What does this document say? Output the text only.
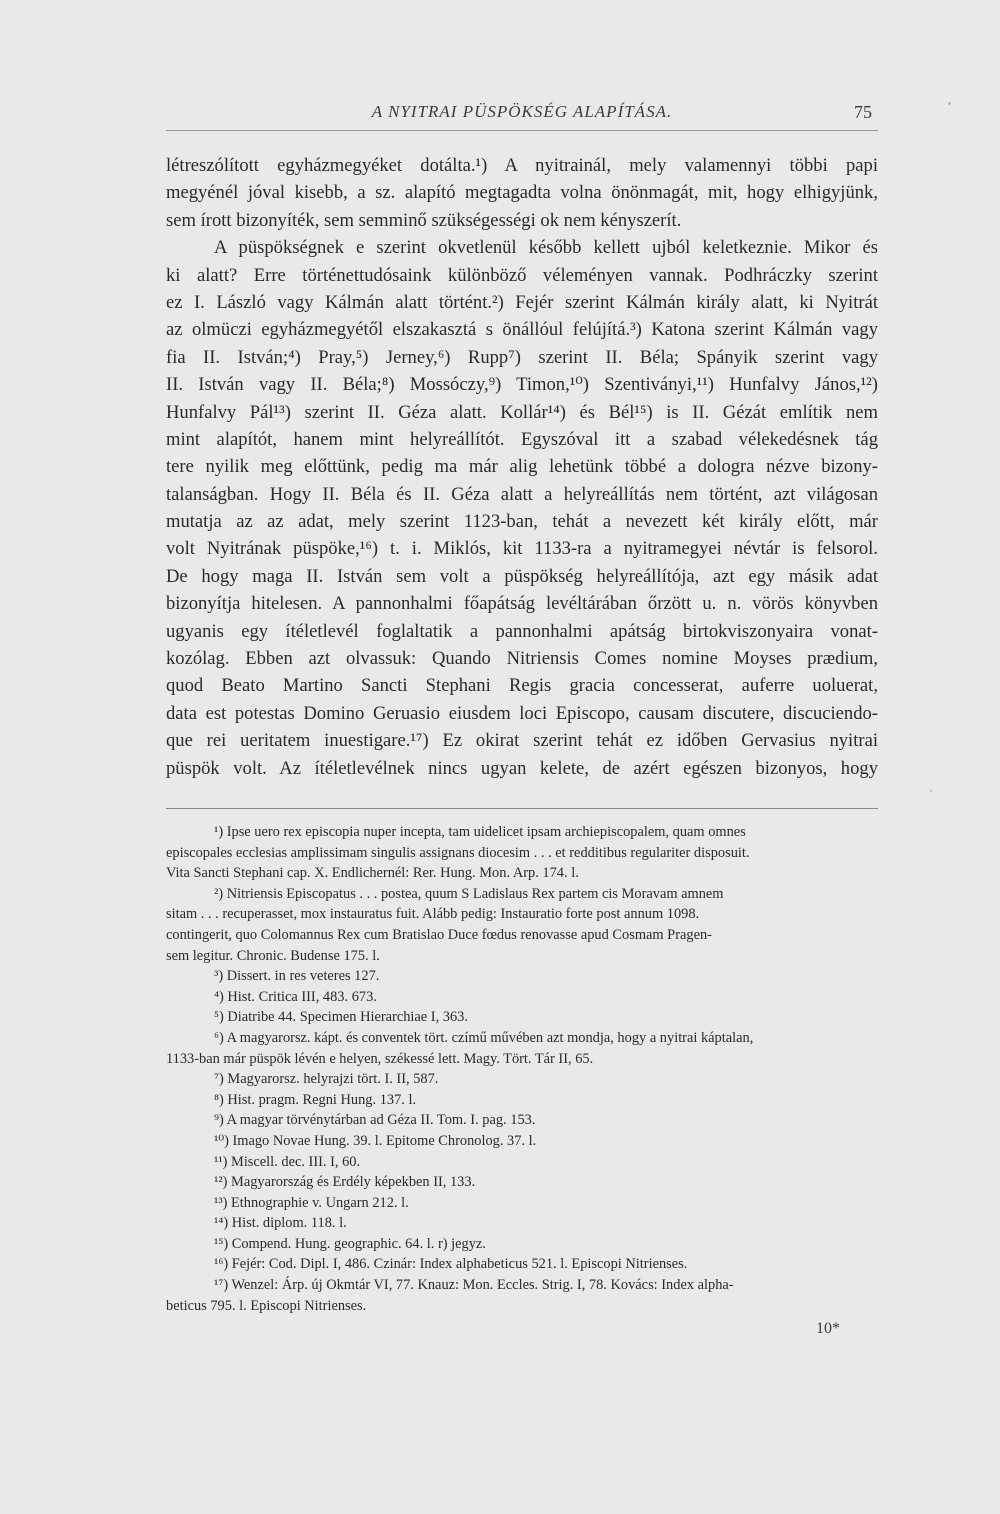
A NYITRAI PÜSPÖKSÉG ALAPÍTÁSA.	75
létreszólított egyházmegyéket dotálta.¹) A nyitrainál, mely valamennyi többi papi
megyénél jóval kisebb, a sz. alapító megtagadta volna önönmagát, mit, hogy elhigyjünk,
sem írott bizonyíték, sem semminő szükségességi ok nem kényszerít.
A püspökségnek e szerint okvetlenül később kellett ujból keletkeznie. Mikor és
ki alatt? Erre történettudósaink különböző véleményen vannak. Podhráczky szerint
ez I. László vagy Kálmán alatt történt.²) Fejér szerint Kálmán király alatt, ki Nyitrát
az olmüczi egyházmegyétől elszakasztá s önállóul felújítá.³) Katona szerint Kálmán vagy
fia II. István;⁴) Pray,⁵) Jerney,⁶) Rupp⁷) szerint II. Béla; Spányik szerint vagy
II. István vagy II. Béla;⁸) Mossóczy,⁹) Timon,¹⁰) Szentiványi,¹¹) Hunfalvy János,¹²)
Hunfalvy Pál¹³) szerint II. Géza alatt. Kollár¹⁴) és Bél¹⁵) is II. Gézát említik nem
mint alapítót, hanem mint helyreállítót. Egyszóval itt a szabad vélekedésnek tág
tere nyilik meg előttünk, pedig ma már alig lehetünk többé a dologra nézve bizony-
talanságban. Hogy II. Béla és II. Géza alatt a helyreállítás nem történt, azt világosan
mutatja az az adat, mely szerint 1123-ban, tehát a nevezett két király előtt, már
volt Nyitrának püspöke,¹⁶) t. i. Miklós, kit 1133-ra a nyitramegyei névtár is felsorol.
De hogy maga II. István sem volt a püspökség helyreállítója, azt egy másik adat
bizonyítja hitelesen. A pannonhalmi főapátság levéltárában őrzött u. n. vörös könyvben
ugyanis egy ítéletlevél foglaltatik a pannonhalmi apátság birtokviszonyaira vonat-
kozólag. Ebben azt olvassuk: Quando Nitriensis Comes nomine Moyses prædium,
quod Beato Martino Sancti Stephani Regis gracia concesserat, auferre uoluerat,
data est potestas Domino Geruasio eiusdem loci Episcopo, causam discutere, discuciendo-
que rei ueritatem inuestigare.¹⁷) Ez okirat szerint tehát ez időben Gervasius nyitrai
püspök volt. Az ítéletlevélnek nincs ugyan kelete, de azért egészen bizonyos, hogy
¹) Ipse uero rex episcopia nuper incepta, tam uidelicet ipsam archiepiscopalem, quam omnes
episcopales ecclesias amplissimam singulis assignans diocesim . . . et redditibus regulariter disposuit.
Vita Sancti Stephani cap. X. Endlichernél: Rer. Hung. Mon. Arp. 174. l.
²) Nitriensis Episcopatus . . . postea, quum S Ladislaus Rex partem cis Moravam amnem
sitam . . . recuperasset, mox instauratus fuit. Alább pedig: Instauratio forte post annum 1098.
contingerit, quo Colomannus Rex cum Bratislao Duce fœdus renovasse apud Cosmam Pragen-
sem legitur. Chronic. Budense 175. l.
³) Dissert. in res veteres 127.
⁴) Hist. Critica III, 483. 673.
⁵) Diatribe 44. Specimen Hierarchiae I, 363.
⁶) A magyarorsz. kápt. és conventek tört. czímű művében azt mondja, hogy a nyitrai káptalan,
1133-ban már püspök lévén e helyen, székessé lett. Magy. Tört. Tár II, 65.
⁷) Magyarorsz. helyrajzi tört. I. II, 587.
⁸) Hist. pragm. Regni Hung. 137. l.
⁹) A magyar törvénytárban ad Géza II. Tom. I. pag. 153.
¹⁰) Imago Novae Hung. 39. l. Epitome Chronolog. 37. l.
¹¹) Miscell. dec. III. I, 60.
¹²) Magyarország és Erdély képekben II, 133.
¹³) Ethnographie v. Ungarn 212. l.
¹⁴) Hist. diplom. 118. l.
¹⁵) Compend. Hung. geographic. 64. l. r) jegyz.
¹⁶) Fejér: Cod. Dipl. I, 486. Czinár: Index alphabeticus 521. l. Episcopi Nitrienses.
¹⁷) Wenzel: Árp. új Okmtár VI, 77. Knauz: Mon. Eccles. Strig. I, 78. Kovács: Index alpha-
beticus 795. l. Episcopi Nitrienses.
10*
